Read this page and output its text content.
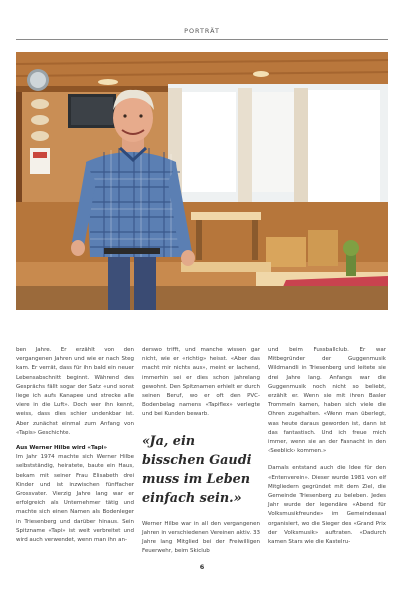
PORTRÄT

ben Jahre. Er erzählt von den vergangenen Jahren und wie er nach Steg kam. Er verrät, dass für ihn bald ein neuer Lebensabschnitt beginnt. Während des Gesprächs fällt sogar der Satz «und sonst liege ich aufs Kanapee und strecke alle viere in die Luft». Doch wer ihn kennt, weiss, dass dies schier undenkbar ist. Aber zunächst einmal zum Anfang von «Tapis» Geschichte.

Aus Werner Hilbe wird «Tapi»

Im Jahr 1974 machte sich Werner Hilbe selbstständig, heiratete, baute ein Haus, bekam mit seiner Frau Elisabeth drei Kinder und ist inzwischen fünffacher Grossvater. Vierzig Jahre lang war er erfolgreich als Unternehmer tätig und machte sich einen Namen als Bodenleger in Triesenberg und darüber hinaus. Sein Spitzname «Tapi» ist weit verbreitet und wird auch verwendet, wenn man ihn an-

derswo trifft, und manche wissen gar nicht, wie er «richtig» heisst. «Aber das macht mir nichts aus», meint er lachend, immerhin sei er dies schon jahrelang gewohnt. Den Spitznamen erhielt er durch seinen Beruf, wo er oft den PVC-Bodenbelag namens «Tapiflex» verlegte und bei Kunden bewarb.

«Ja, ein bisschen Gaudi muss im Leben einfach sein.»

Werner Hilbe war in all den vergangenen Jahren in verschiedenen Vereinen aktiv. 33 Jahre lang Mitglied bei der Freiwilligen Feuerwehr, beim Skiclub

und beim Fussballclub. Er war Mitbegründer der Guggenmusik Wildmandli in Triesenberg und leitete sie drei Jahre lang. Anfangs war die Guggenmusik noch nicht so beliebt, erzählt er. Wenn sie mit ihren Basler Trommeln kamen, haben sich viele die Ohren zugehalten. «Wenn man überlegt, was heute daraus geworden ist, dann ist das fantastisch. Und ich freue mich immer, wenn sie an der Fasnacht in den ‹Seeblick› kommen.»

Damals entstand auch die Idee für den «Entenverein». Dieser wurde 1981 von elf Mitgliedern gegründet mit dem Ziel, die Gemeinde Triesenberg zu beleben. Jedes Jahr wurde der legendäre «Abend für Volksmusikfreunde» im Gemeindesaal organisiert, wo die Sieger des «Grand Prix der Volksmusik» auftraten. «Dadurch kamen Stars wie die Kastelru-

6
